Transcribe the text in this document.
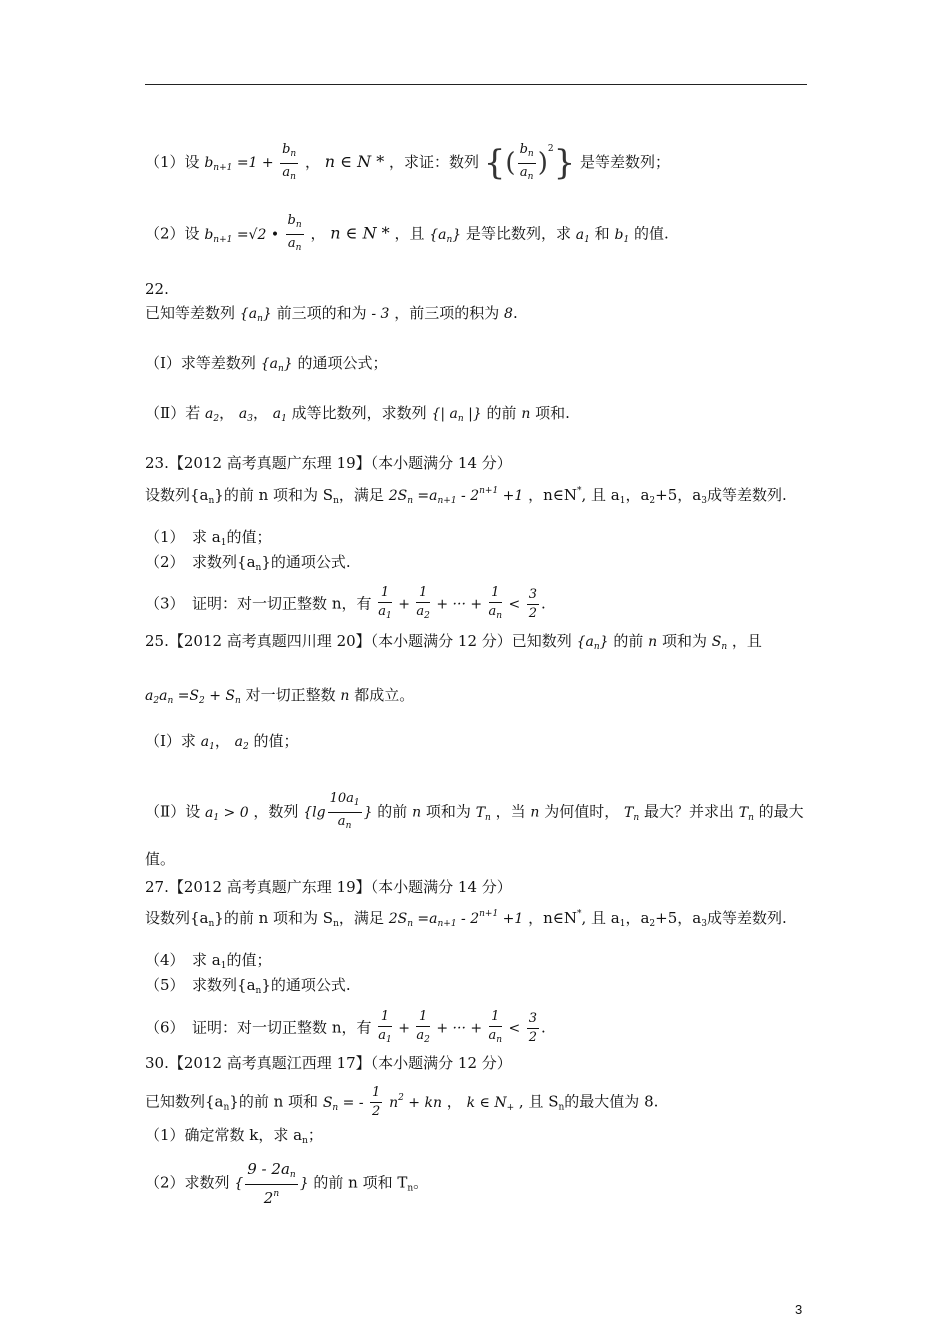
（1）设 $b_{n+1} =1 + \frac{b_n}{a_n}$ ， n ∈ N * ，求证：数列 {( $\frac{b_n}{a_n} )^2$} 是等差数列；
（2）设 $b_{n+1} =√2$ • $\frac{b_n}{a_n}$ ， n ∈ N * ，且 $\{a_n\}$ 是等比数列，求 $a_1$ 和 $b_1$ 的值.
22.
已知等差数列 $\{a_n\}$ 前三项的和为 - 3 ，前三项的积为 8.
（Ⅰ）求等差数列 $\{a_n\}$ 的通项公式；
（Ⅱ）若 $a_2$， $a_3$， $a_1$ 成等比数列，求数列 {| $a_n$ |} 的前 n 项和.
23.【2012 高考真题广东理 19】（本小题满分 14 分）
设数列$\{a_n\}$的前 n 项和为 $S_n$，满足 $2S_n =a_{n+1} - 2^{n+1} +1$ ，n∈N*, 且 $a_1$，$a_2+5$，$a_3$成等差数列.
（1）　求 $a_1$的值；
（2）　求数列$\{a_n\}$的通项公式.
（3）　证明：对一切正整数 n，有 $\frac{1}{a_1} + \frac{1}{a_2}$ + ··· + $\frac{1}{a_n} < \frac{3}{2}$ .
25.【2012 高考真题四川理 20】（本小题满分 12 分）已知数列 $\{a_n\}$ 的前 n 项和为 $S_n$ ，且
$a_2a_n =S_2 + S_n$ 对一切正整数 n 都成立。
（Ⅰ）求 $a_1$， $a_2$ 的值；
（Ⅱ）设 $a_1 > 0$ ，数列 {$\lg \frac{10a_1}{a_n}$ } 的前 n 项和为 $T_n$ ，当 n 为何值时， $T_n$ 最大？并求出 $T_n$ 的最大
值。
27.【2012 高考真题广东理 19】（本小题满分 14 分）
设数列$\{a_n\}$的前 n 项和为 $S_n$，满足 $2S_n =a_{n+1} - 2^{n+1} +1$ ，n∈N*, 且 $a_1$，$a_2+5$，$a_3$成等差数列.
（4）　求 $a_1$的值；
（5）　求数列$\{a_n\}$的通项公式.
（6）　证明：对一切正整数 n，有 $\frac{1}{a_1} + \frac{1}{a_2}$ + ··· + $\frac{1}{a_n} < \frac{3}{2}$ .
30.【2012 高考真题江西理 17】（本小题满分 12 分）
已知数列$\{a_n\}$的前 n 项和 $S_n$ = - $\frac{1}{2} n^2$ + kn ， k ∈ $N_+$ , 且 $S_n$的最大值为 8.
（1）确定常数 k，求 $a_n$；
（2）求数列 { $\frac{9 - 2a_n}{2^n}$ } 的前 n 项和 $T_n$。
3
